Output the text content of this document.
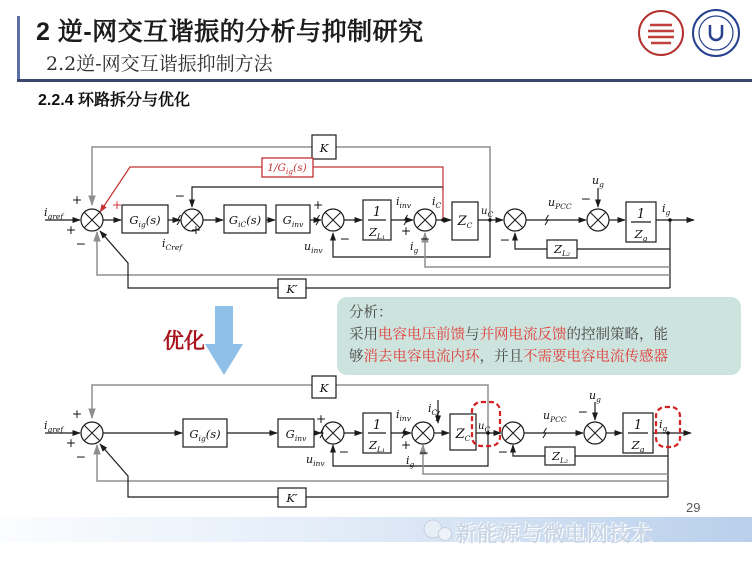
2 逆-网交互谐振的分析与抑制研究
2.2逆-网交互谐振抑制方法
2.2.4 环路拆分与优化
K
$1/G_{ig}(s)$
$G_{ig}(s)$	$G_{iC}(s)$ $G_{inv}$
1
$Z_{L_1}$
$Z_C$
$Z_{L_2}$
1
$Z_g$
K′
$i_{gref}$
$i_{Cref}$	$u_{inv}$
$i_{inv}$ $i_C$
$i_g$
$u_C$
$u_{PCC}$
$u_g$
$i_g$
+
+ +
−
+
−
+
−
+
−	−
−
K
$G_{ig}(s)$	$G_{inv}$
1
$Z_{L_1}$
$Z_C$
$Z_{L_2}$
1
$Z_g$
K′
$i_{gref}$
$u_{inv}$
$i_{inv}$
$i_C$
$i_g$
$u_C$
$u_{PCC}$
$u_g$
$i_g$
+
+
−
+
−	+
−	−
−
优化
分析：
采用电容电压前馈与并网电流反馈的控制策略，能
够消去电容电流内环，并且不需要电容电流传感器
29
新能源与微电网技术
